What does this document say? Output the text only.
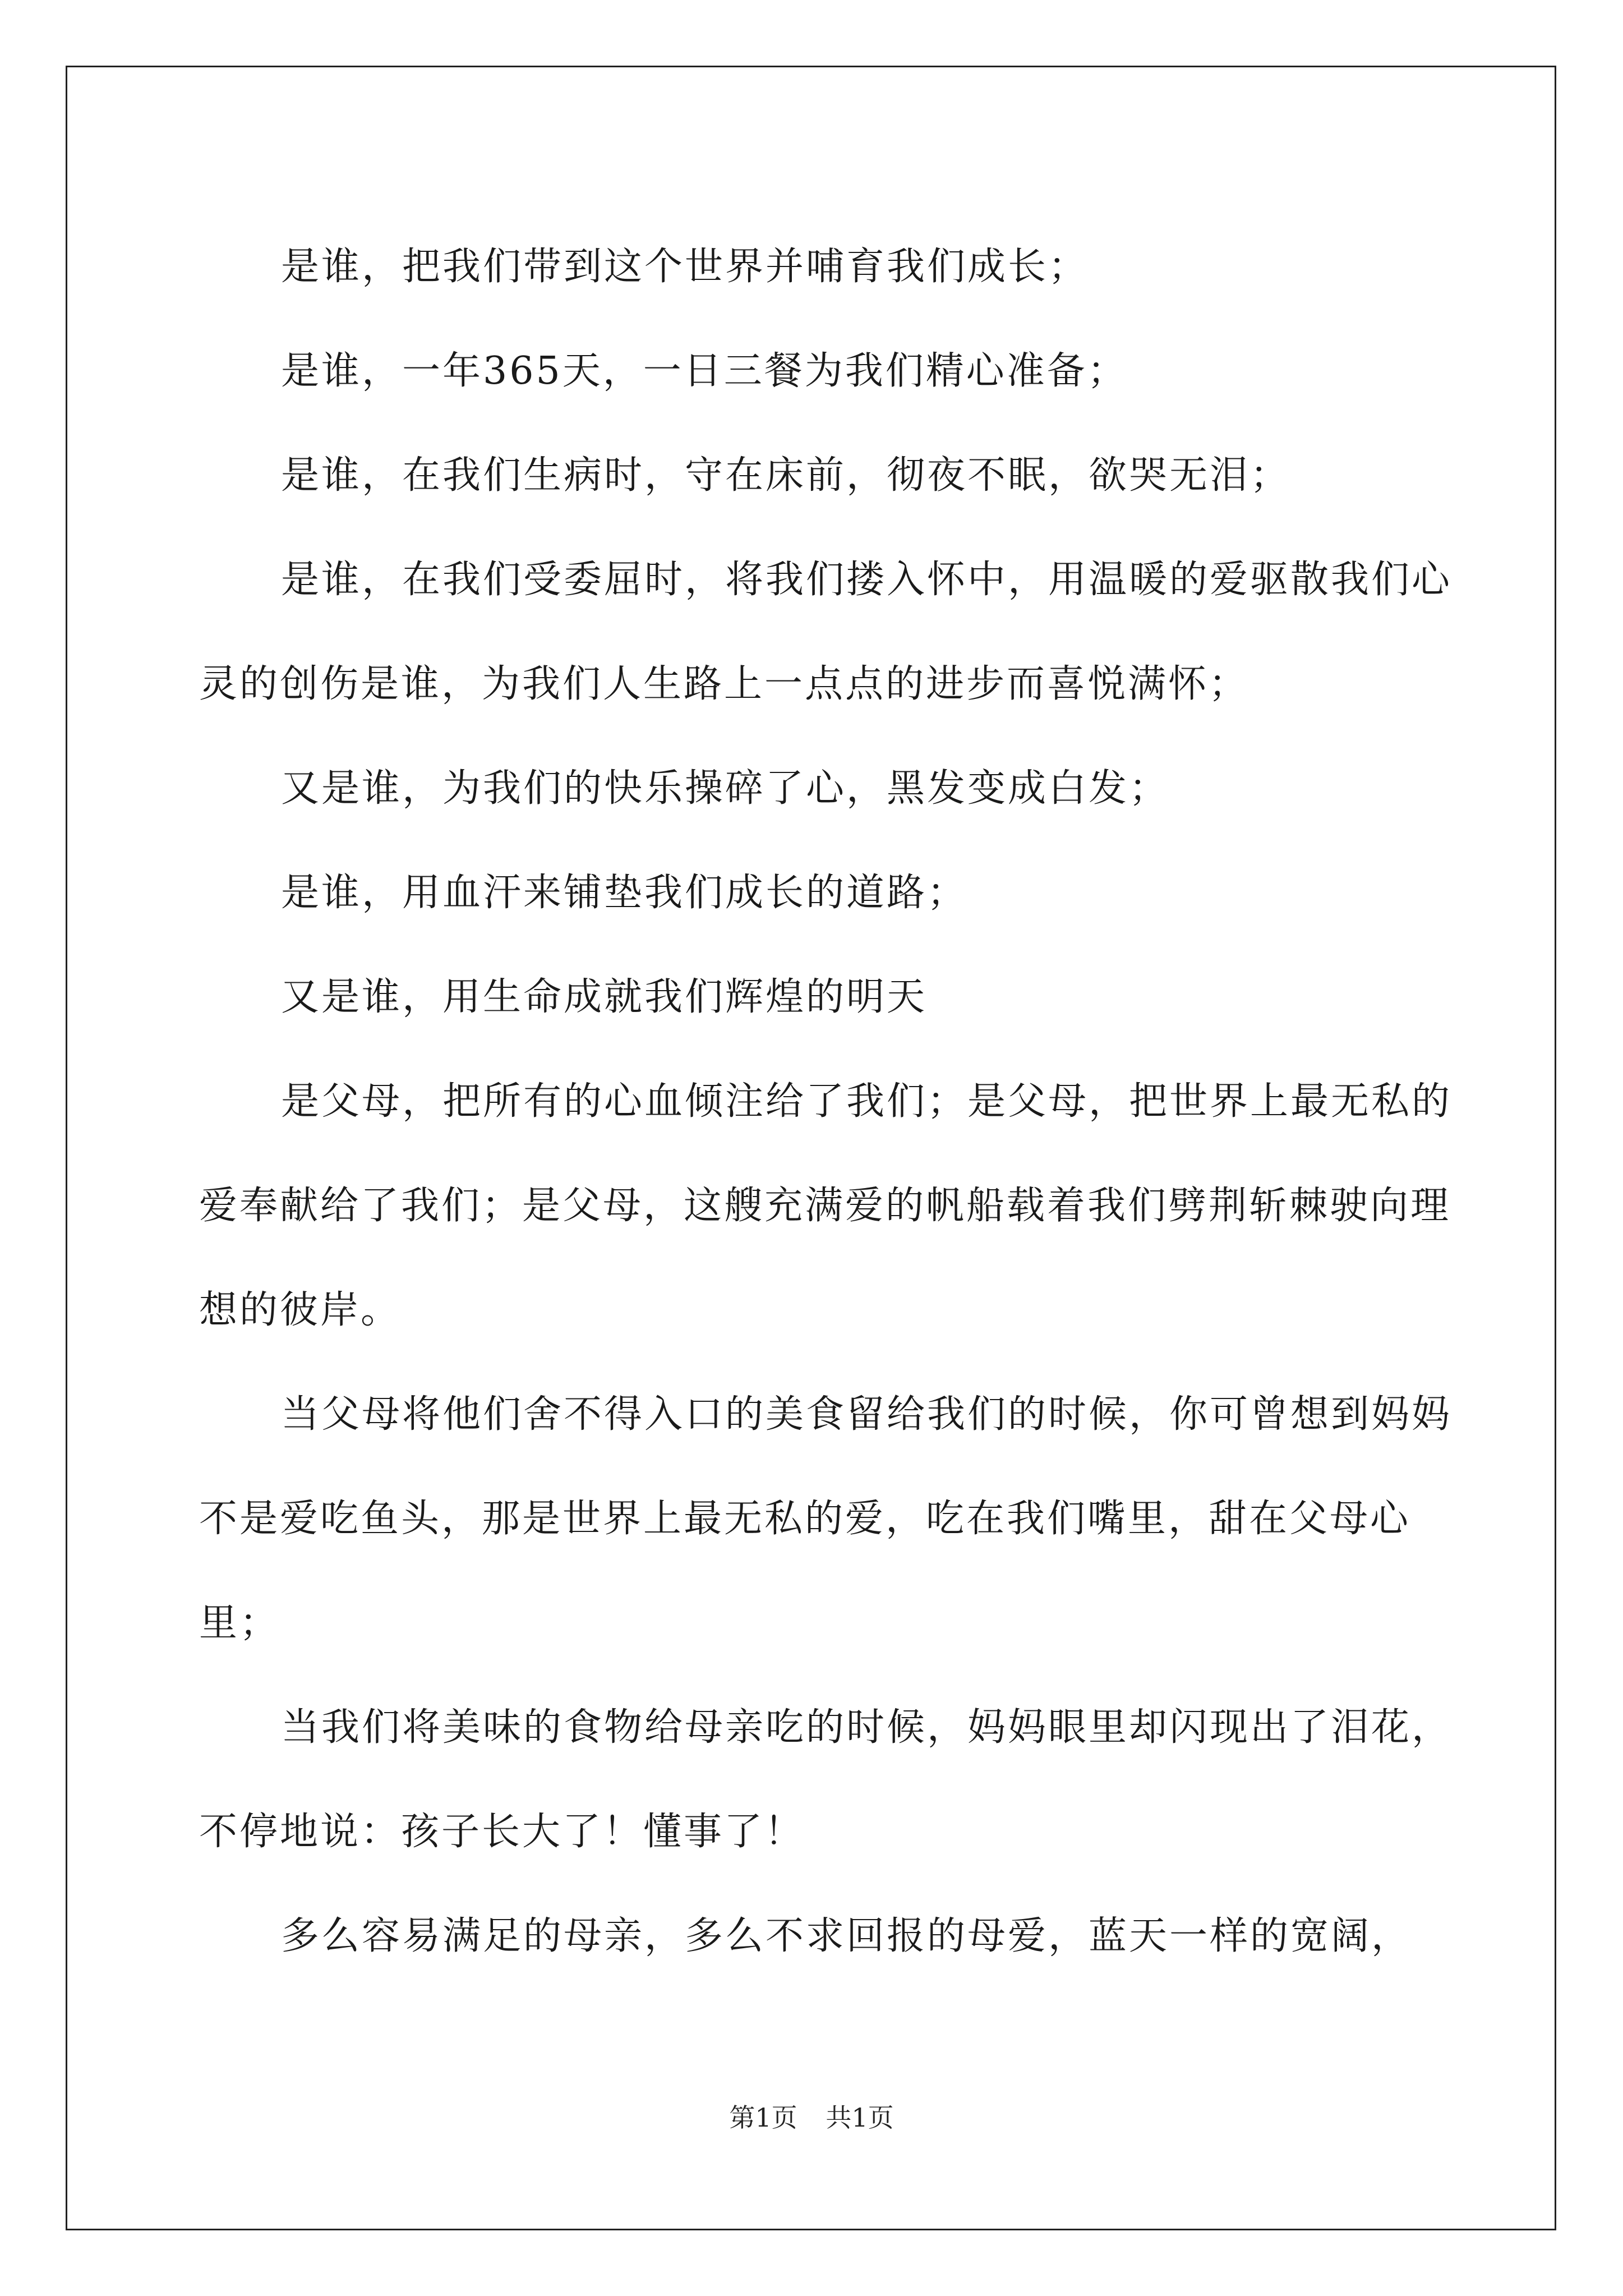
是谁，把我们带到这个世界并哺育我们成长；

是谁，一年365天，一日三餐为我们精心准备；

是谁，在我们生病时，守在床前，彻夜不眠，欲哭无泪；

是谁，在我们受委屈时，将我们搂入怀中，用温暖的爱驱散我们心灵的创伤是谁，为我们人生路上一点点的进步而喜悦满怀；

又是谁，为我们的快乐操碎了心，黑发变成白发；

是谁，用血汗来铺垫我们成长的道路；

又是谁，用生命成就我们辉煌的明天

是父母，把所有的心血倾注给了我们；是父母，把世界上最无私的爱奉献给了我们；是父母，这艘充满爱的帆船载着我们劈荆斩棘驶向理想的彼岸。

当父母将他们舍不得入口的美食留给我们的时候，你可曾想到妈妈不是爱吃鱼头，那是世界上最无私的爱，吃在我们嘴里，甜在父母心里；

当我们将美味的食物给母亲吃的时候，妈妈眼里却闪现出了泪花，不停地说：孩子长大了！懂事了！

多么容易满足的母亲，多么不求回报的母爱，蓝天一样的宽阔，

第1页 共1页
